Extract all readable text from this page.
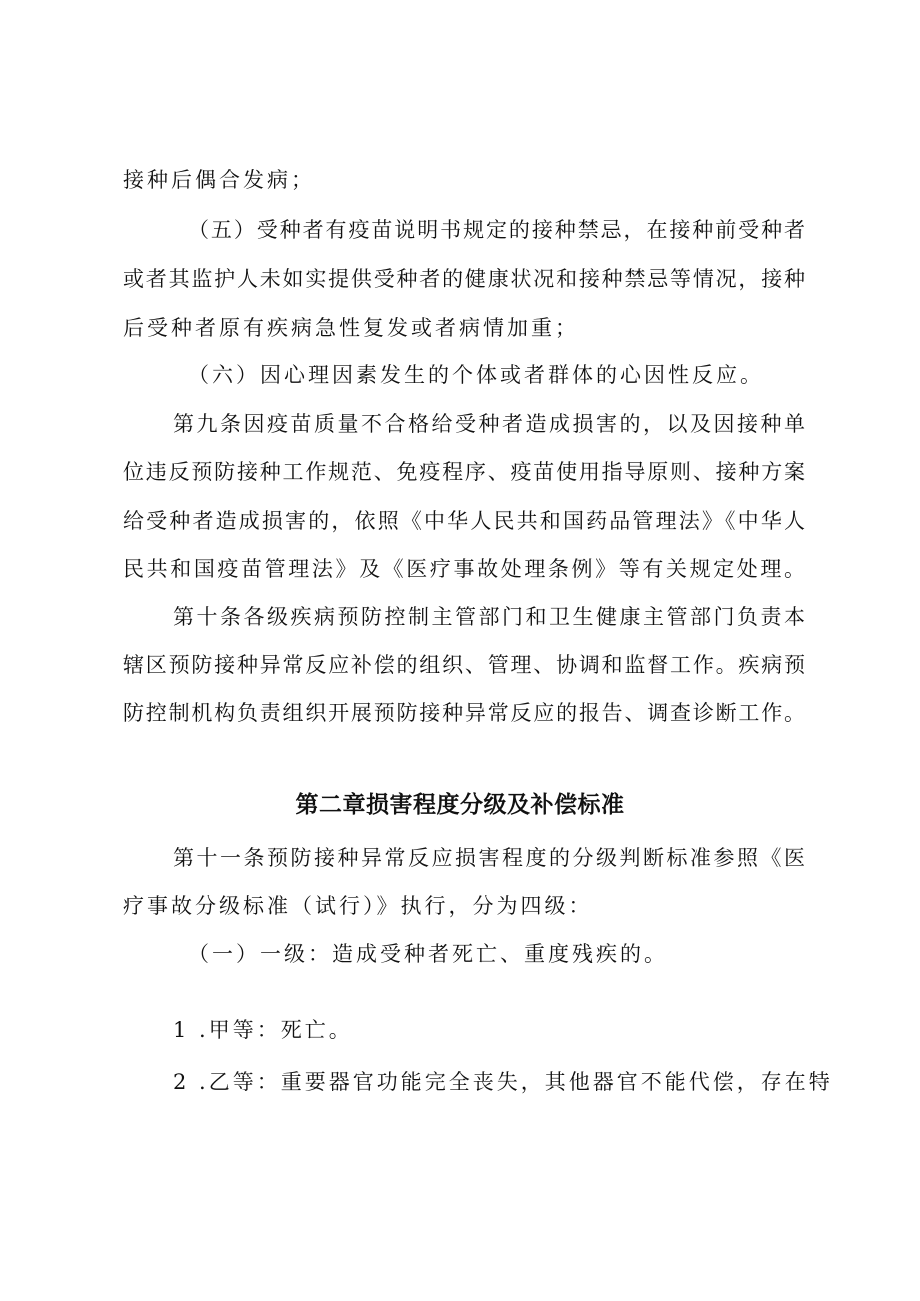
接种后偶合发病；

（五）受种者有疫苗说明书规定的接种禁忌，在接种前受种者

或者其监护人未如实提供受种者的健康状况和接种禁忌等情况，接种

后受种者原有疾病急性复发或者病情加重；

（六）因心理因素发生的个体或者群体的心因性反应。

第九条因疫苗质量不合格给受种者造成损害的，以及因接种单

位违反预防接种工作规范、免疫程序、疫苗使用指导原则、接种方案

给受种者造成损害的，依照《中华人民共和国药品管理法》《中华人

民共和国疫苗管理法》及《医疗事故处理条例》等有关规定处理。

第十条各级疾病预防控制主管部门和卫生健康主管部门负责本

辖区预防接种异常反应补偿的组织、管理、协调和监督工作。疾病预

防控制机构负责组织开展预防接种异常反应的报告、调查诊断工作。

第二章损害程度分级及补偿标准

第十一条预防接种异常反应损害程度的分级判断标准参照《医

疗事故分级标准（试行）》执行，分为四级：

（一）一级：造成受种者死亡、重度残疾的。

1 .甲等：死亡。

2 .乙等：重要器官功能完全丧失，其他器官不能代偿，存在特
